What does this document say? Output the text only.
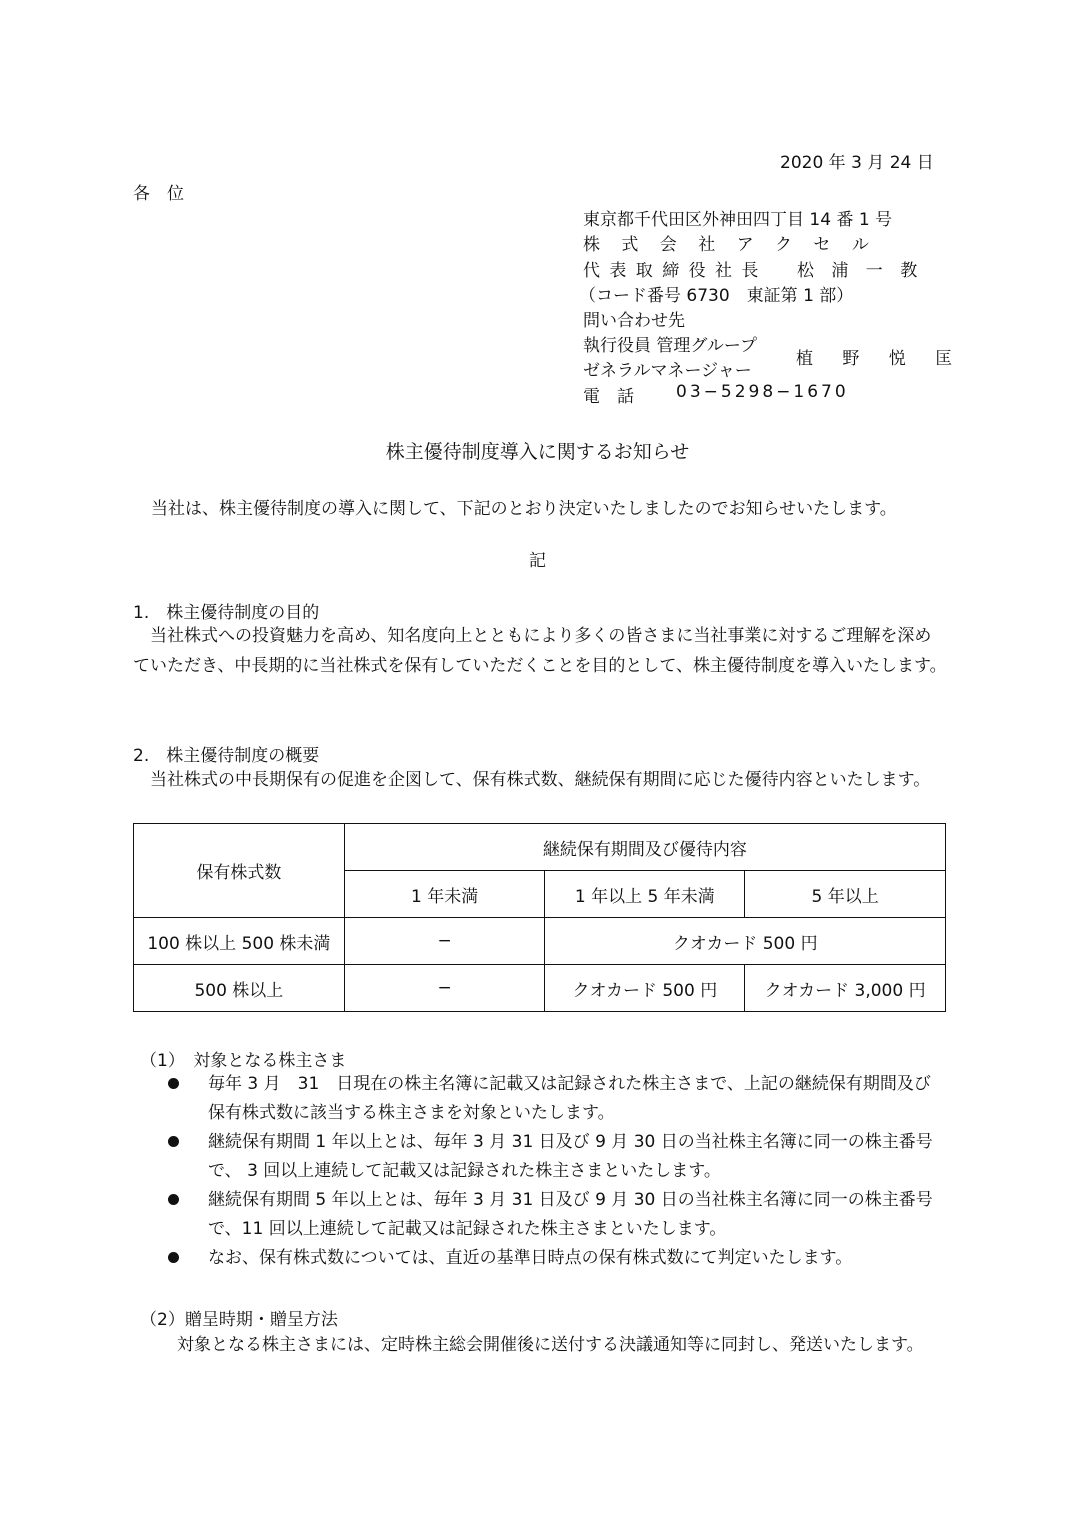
2020 年 3 月 24 日
各　位
東京都千代田区外神田四丁目 14 番 1 号
株 式 会 社 ア ク セ ル
代 表 取 締 役 社 長 松 浦 一 教
（コード番号 6730　東証第 1 部）
問い合わせ先
執行役員 管理グループ
ゼネラルマネージャー
植 野 悦 匡
電　話 03−5298−1670
株主優待制度導入に関するお知らせ

当社は、株主優待制度の導入に関して、下記のとおり決定いたしましたのでお知らせいたします。

記
1.　株主優待制度の目的

当社株式への投資魅力を高め、知名度向上とともにより多くの皆さまに当社事業に対するご理解を深めていただき、中長期的に当社株式を保有していただくことを目的として、株主優待制度を導入いたします。

2.　株主優待制度の概要

当社株式の中長期保有の促進を企図して、保有株式数、継続保有期間に応じた優待内容といたします。

保有株式数	継続保有期間及び優待内容		
	1 年未満	1 年以上 5 年未満	5 年以上
100 株以上 500 株未満	−	クオカード 500 円	
500 株以上	−	クオカード 500 円	クオカード 3,000 円
（1）　対象となる株主さま
毎年 3 月　31　日現在の株主名簿に記載又は記録された株主さまで、上記の継続保有期間及び保有株式数に該当する株主さまを対象といたします。
継続保有期間 1 年以上とは、毎年 3 月 31 日及び 9 月 30 日の当社株主名簿に同一の株主番号で、 3 回以上連続して記載又は記録された株主さまといたします。
継続保有期間 5 年以上とは、毎年 3 月 31 日及び 9 月 30 日の当社株主名簿に同一の株主番号で、11 回以上連続して記載又は記録された株主さまといたします。
なお、保有株式数については、直近の基準日時点の保有株式数にて判定いたします。
（2）贈呈時期・贈呈方法

対象となる株主さまには、定時株主総会開催後に送付する決議通知等に同封し、発送いたします。
